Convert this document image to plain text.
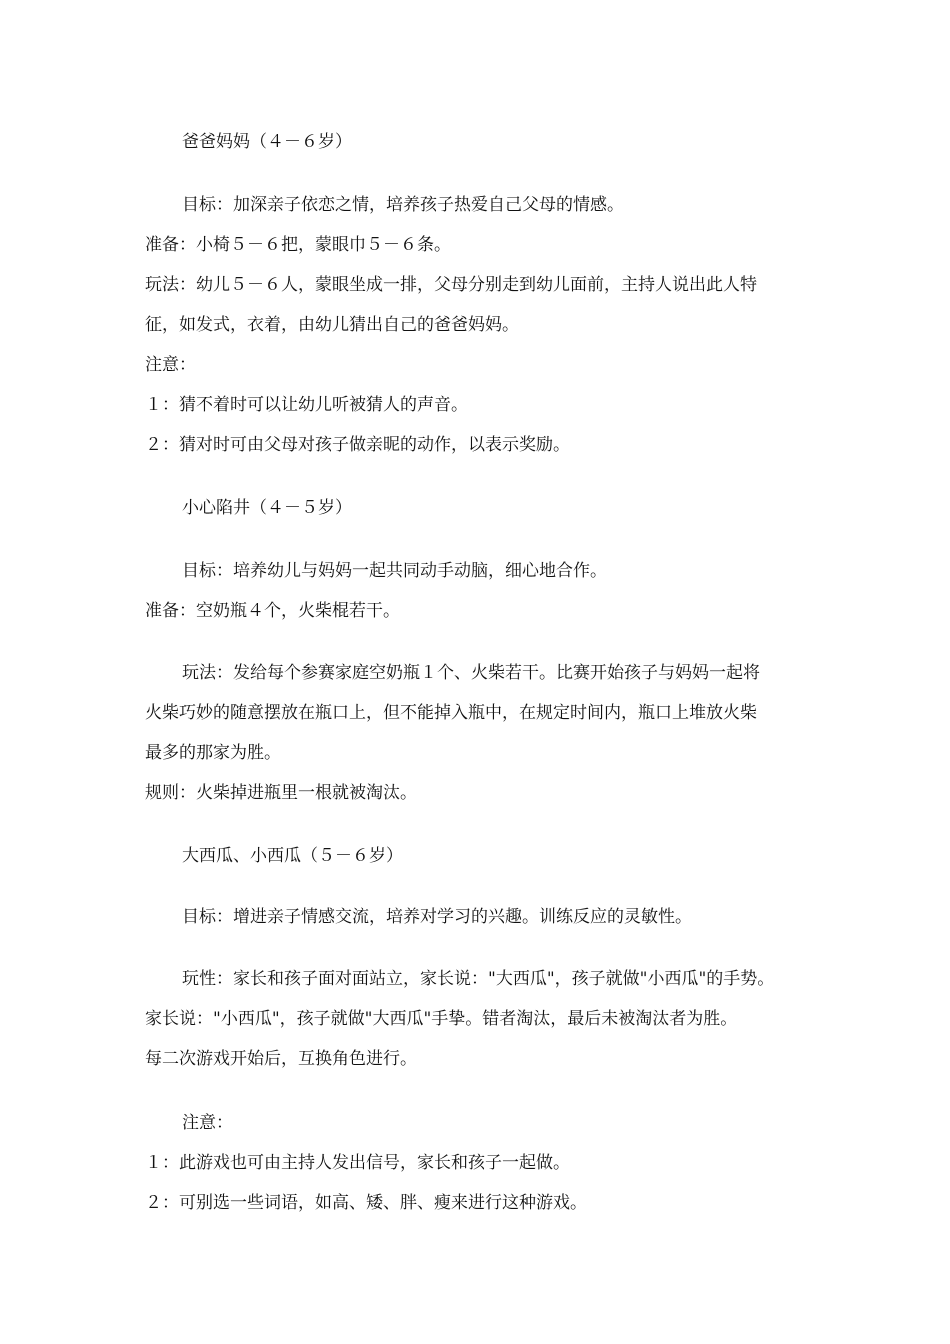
爸爸妈妈（４－６岁）

目标：加深亲子依恋之情，培养孩子热爱自己父母的情感。

准备：小椅５－６把，蒙眼巾５－６条。

玩法：幼儿５－６人，蒙眼坐成一排，父母分别走到幼儿面前，主持人说出此人特

征，如发式，衣着，由幼儿猜出自己的爸爸妈妈。

注意：

１：猜不着时可以让幼儿听被猜人的声音。

２：猜对时可由父母对孩子做亲昵的动作，以表示奖励。

小心陷井（４－５岁）

目标：培养幼儿与妈妈一起共同动手动脑，细心地合作。

准备：空奶瓶４个，火柴棍若干。

玩法：发给每个参赛家庭空奶瓶１个、火柴若干。比赛开始孩子与妈妈一起将

火柴巧妙的随意摆放在瓶口上，但不能掉入瓶中，在规定时间内，瓶口上堆放火柴

最多的那家为胜。

规则：火柴掉进瓶里一根就被淘汰。

大西瓜、小西瓜（５－６岁）

目标：增进亲子情感交流，培养对学习的兴趣。训练反应的灵敏性。

玩性：家长和孩子面对面站立，家长说："大西瓜"，孩子就做"小西瓜"的手势。

家长说："小西瓜"，孩子就做"大西瓜"手挚。错者淘汰，最后未被淘汰者为胜。

每二次游戏开始后，互换角色进行。

注意：

１：此游戏也可由主持人发出信号，家长和孩子一起做。

２：可别选一些词语，如高、矮、胖、瘦来进行这种游戏。
